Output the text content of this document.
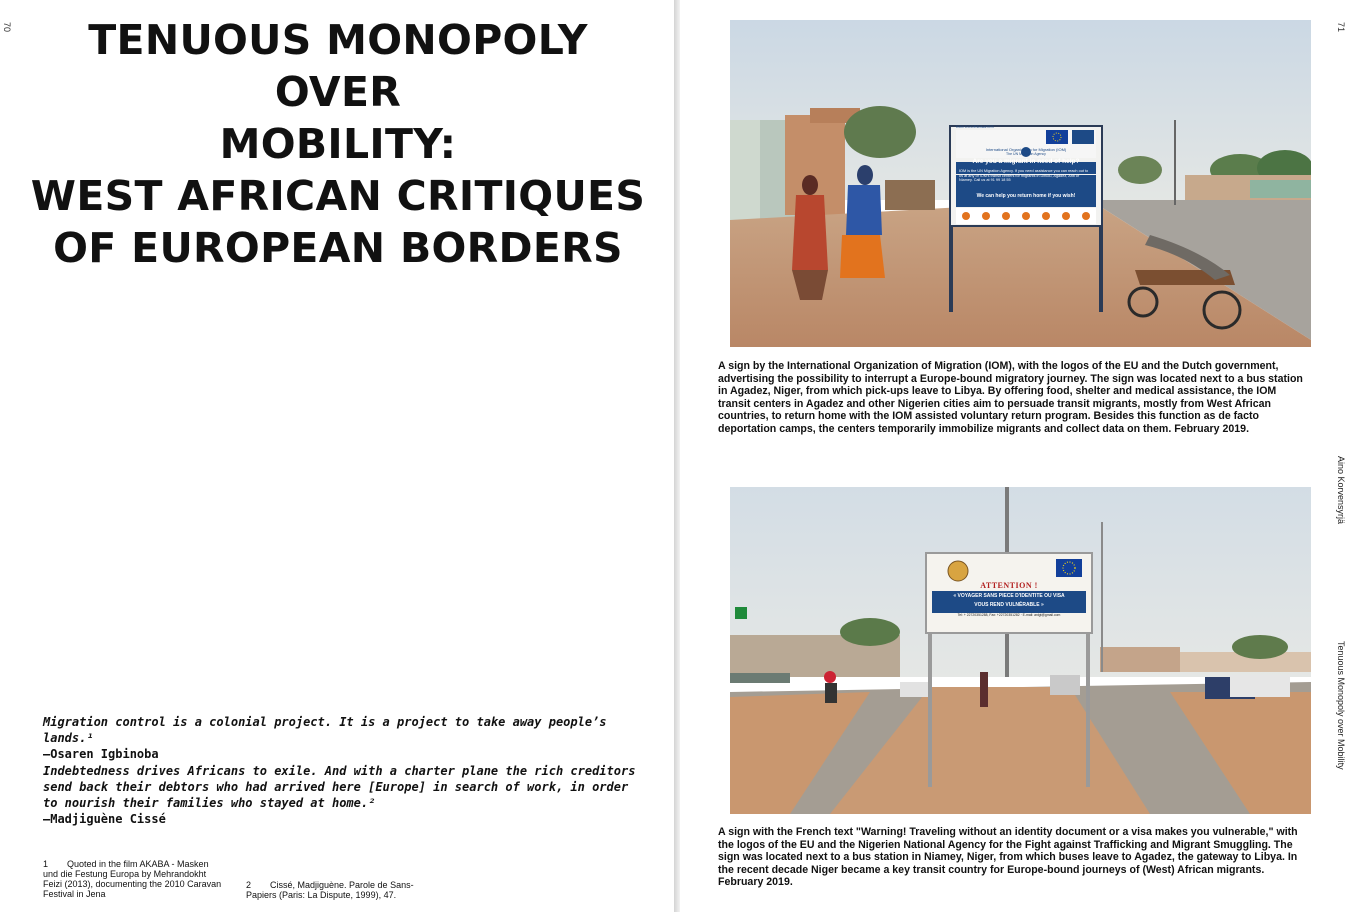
70	TENUOUS MONOPOLY OVER
MOBILITY:
WEST AFRICAN CRITIQUES
OF EUROPEAN BORDERS
Migration control is a colonial project. It is a project to take away people’s lands.¹
—Osaren Igbinoba
Indebtedness drives Africans to exile. And with a charter plane the rich creditors send back their debtors who had arrived here [Europe] in search of work, in order to nourish their families who stayed at home.²
—Madjiguène Cissé
1 Quoted in the film AKABA - Masken und die Festung Europa by Mehrandokht Feizi (2013), documenting the 2010 Caravan Festival in Jena
2 Cissé, Madjiguène. Parole de Sans-Papiers (Paris: La Dispute, 1999), 47.
71
IOM COORDINATES
International Organization for Migration (IOM)
The UN Migration Agency
Are you a migrant in need of help?
IOM is the UN Migration Agency. If you need assistance you can reach out to us at any of IOM's transit centers for migrants in Dirkou, Agadez, Arlit or Niamey. Call us at 91 99 18 55
We can help you return home if you wish!
A sign by the International Organization of Migration (IOM), with the logos of the EU and the Dutch government, advertising the possibility to interrupt a Europe-bound migratory journey. The sign was located next to a bus station in Agadez, Niger, from which pick-ups leave to Libya. By offering food, shelter and medical assistance, the IOM transit centers in Agadez and other Nigerien cities aim to persuade transit migrants, mostly from West African countries, to return home with the IOM assisted voluntary return program. Besides this function as de facto deportation camps, the centers temporarily immobilize migrants and collect data on them. February 2019.
ATTENTION !
« VOYAGER SANS PIECE D'IDENTITE OU VISA
VOUS REND VULNÉRABLE »
Tel: + 22720351288, Fax: +22720351282 · E-mail: anlgt@gmail.com
A sign with the French text "Warning! Traveling without an identity document or a visa makes you vulnerable," with the logos of the EU and the Nigerien National Agency for the Fight against Trafficking and Migrant Smuggling. The sign was located next to a bus station in Niamey, Niger, from which buses leave to Agadez, the gateway to Libya. In the recent decade Niger became a key transit country for Europe-bound journeys of (West) African migrants. February 2019.
Aino Korvensyrjä
Tenuous Monopoly over Mobility
